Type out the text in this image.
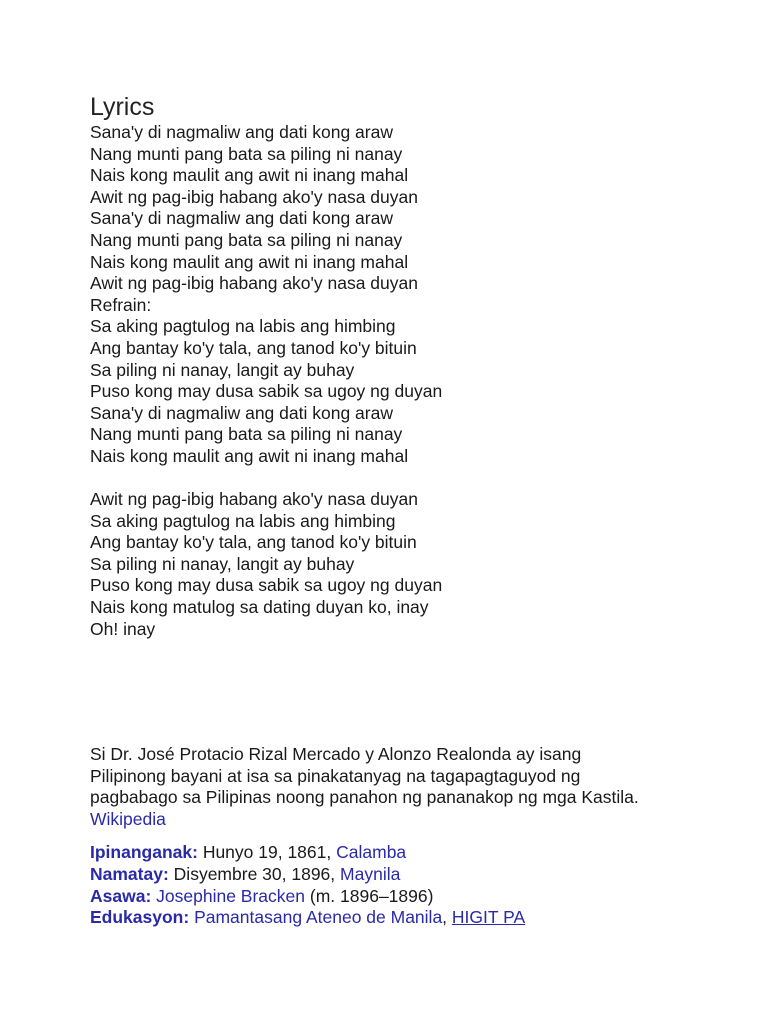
Lyrics
Sana'y di nagmaliw ang dati kong araw
Nang munti pang bata sa piling ni nanay
Nais kong maulit ang awit ni inang mahal
Awit ng pag-ibig habang ako'y nasa duyan
Sana'y di nagmaliw ang dati kong araw
Nang munti pang bata sa piling ni nanay
Nais kong maulit ang awit ni inang mahal
Awit ng pag-ibig habang ako'y nasa duyan
Refrain:
Sa aking pagtulog na labis ang himbing
Ang bantay ko'y tala, ang tanod ko'y bituin
Sa piling ni nanay, langit ay buhay
Puso kong may dusa sabik sa ugoy ng duyan
Sana'y di nagmaliw ang dati kong araw
Nang munti pang bata sa piling ni nanay
Nais kong maulit ang awit ni inang mahal
Awit ng pag-ibig habang ako'y nasa duyan
Sa aking pagtulog na labis ang himbing
Ang bantay ko'y tala, ang tanod ko'y bituin
Sa piling ni nanay, langit ay buhay
Puso kong may dusa sabik sa ugoy ng duyan
Nais kong matulog sa dating duyan ko, inay
Oh! inay

Si Dr. José Protacio Rizal Mercado y Alonzo Realonda ay isang Pilipinong bayani at isa sa pinakatanyag na tagapagtaguyod ng pagbabago sa Pilipinas noong panahon ng pananakop ng mga Kastila. Wikipedia

Ipinanganak: Hunyo 19, 1861, Calamba
Namatay: Disyembre 30, 1896, Maynila
Asawa: Josephine Bracken (m. 1896–1896)
Edukasyon: Pamantasang Ateneo de Manila, HIGIT PA
